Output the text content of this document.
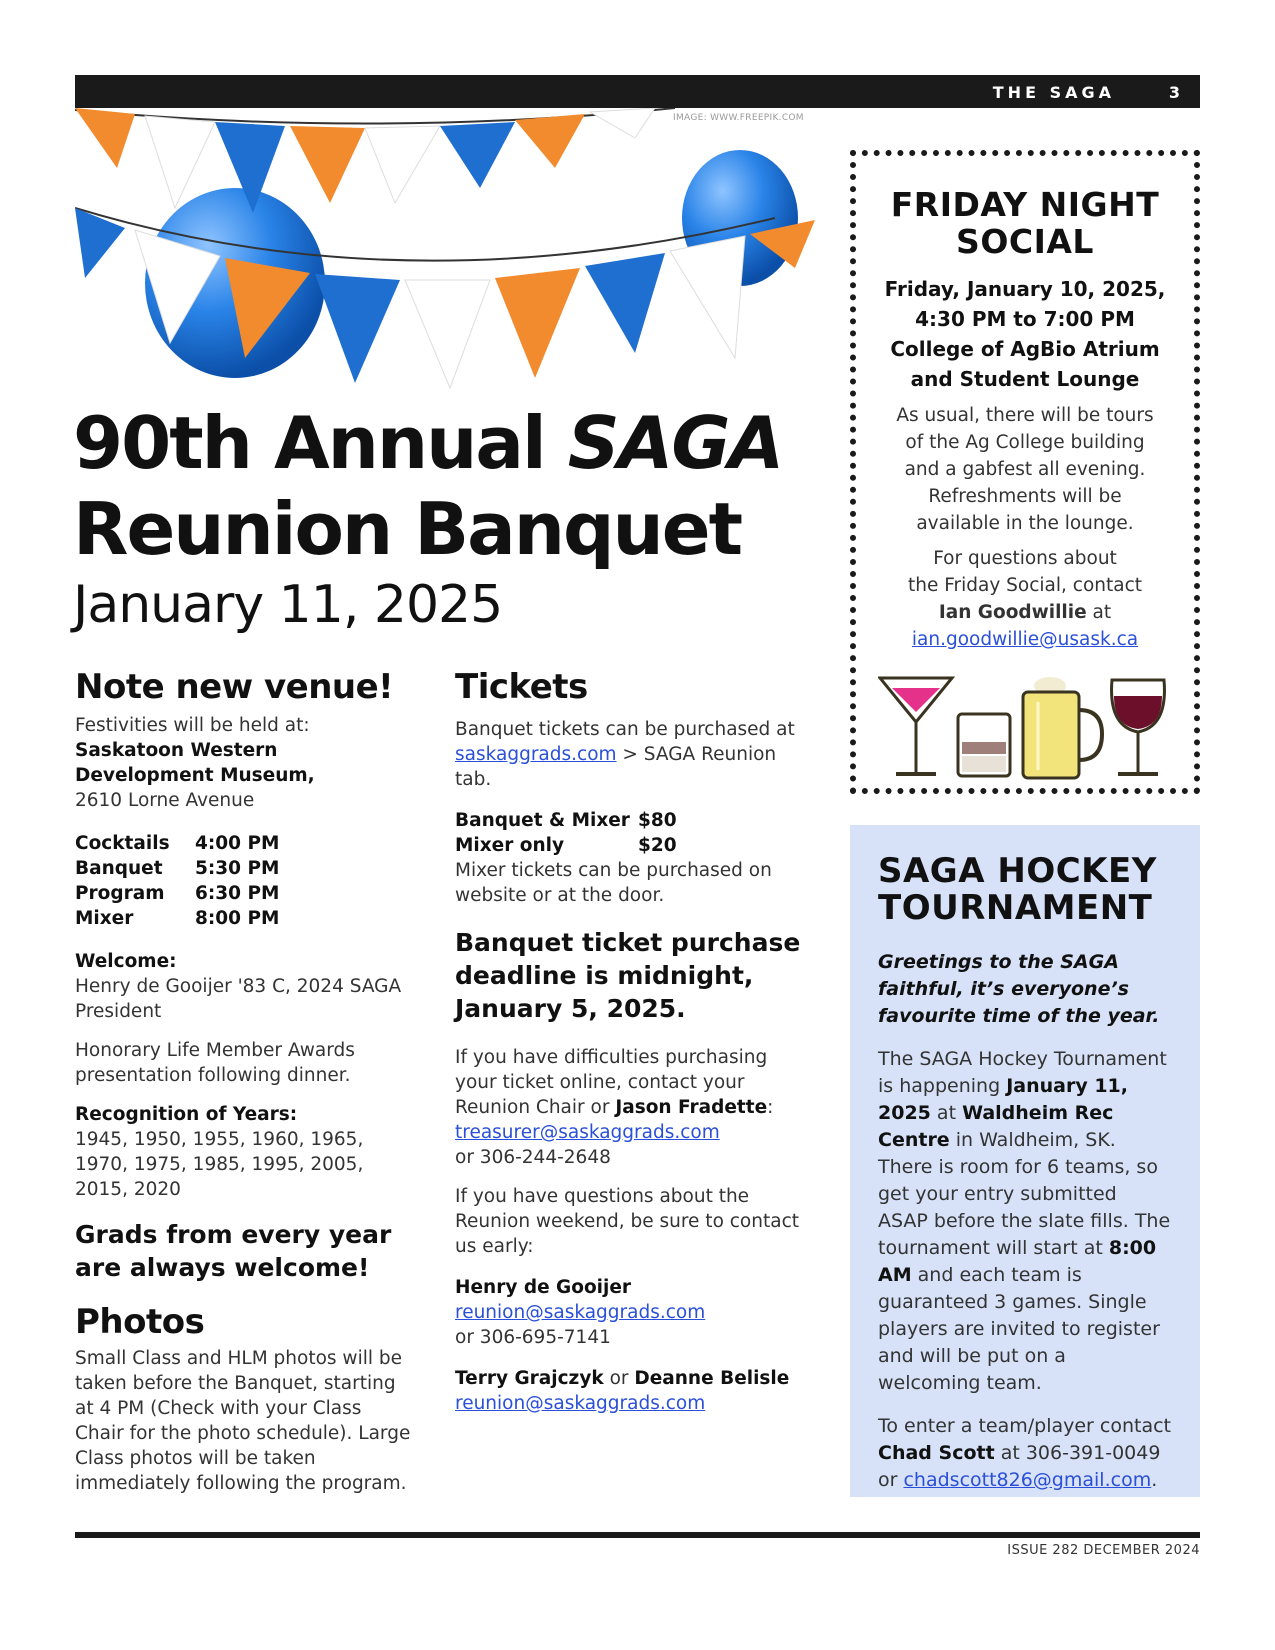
THE SAGA	3
IMAGE: WWW.FREEPIK.COM
90th Annual SAGA
Reunion Banquet
January 11, 2025
Note new venue!
Festivities will be held at:
Saskatoon Western
Development Museum,
2610 Lorne Avenue
Cocktails	4:00 PM
Banquet	5:30 PM
Program	6:30 PM
Mixer	8:00 PM
Welcome:
Henry de Gooijer '83 C, 2024 SAGA President
Honorary Life Member Awards presentation following dinner.
Recognition of Years:
1945, 1950, 1955, 1960, 1965, 1970, 1975, 1985, 1995, 2005, 2015, 2020
Grads from every year are always welcome!
Photos
Small Class and HLM photos will be taken before the Banquet, starting at 4 PM (Check with your Class Chair for the photo schedule). Large Class photos will be taken immediately following the program.
Tickets
Banquet tickets can be purchased at
saskaggrads.com > SAGA Reunion tab.
Banquet & Mixer $80
Mixer only	$20
Mixer tickets can be purchased on website or at the door.
Banquet ticket purchase deadline is midnight, January 5, 2025.
If you have difficulties purchasing your ticket online, contact your Reunion Chair or Jason Fradette:
treasurer@saskaggrads.com
or 306-244-2648
If you have questions about the Reunion weekend, be sure to contact us early:
Henry de Gooijer
reunion@saskaggrads.com
or 306-695-7141
Terry Grajczyk or Deanne Belisle
reunion@saskaggrads.com
FRIDAY NIGHT
SOCIAL
Friday, January 10, 2025,
4:30 PM to 7:00 PM
College of AgBio Atrium
and Student Lounge

As usual, there will be tours
of the Ag College building
and a gabfest all evening.
Refreshments will be
available in the lounge.

For questions about
the Friday Social, contact
Ian Goodwillie at
ian.goodwillie@usask.ca

SAGA HOCKEY
TOURNAMENT
Greetings to the SAGA faithful, it’s everyone’s favourite time of the year.

The SAGA Hockey Tournament is happening January 11, 2025 at Waldheim Rec Centre in Waldheim, SK. There is room for 6 teams, so get your entry submitted ASAP before the slate fills. The tournament will start at 8:00 AM and each team is guaranteed 3 games. Single players are invited to register and will be put on a welcoming team.

To enter a team/player contact Chad Scott at 306-391-0049 or chadscott826@gmail.com.

ISSUE 282 DECEMBER 2024
